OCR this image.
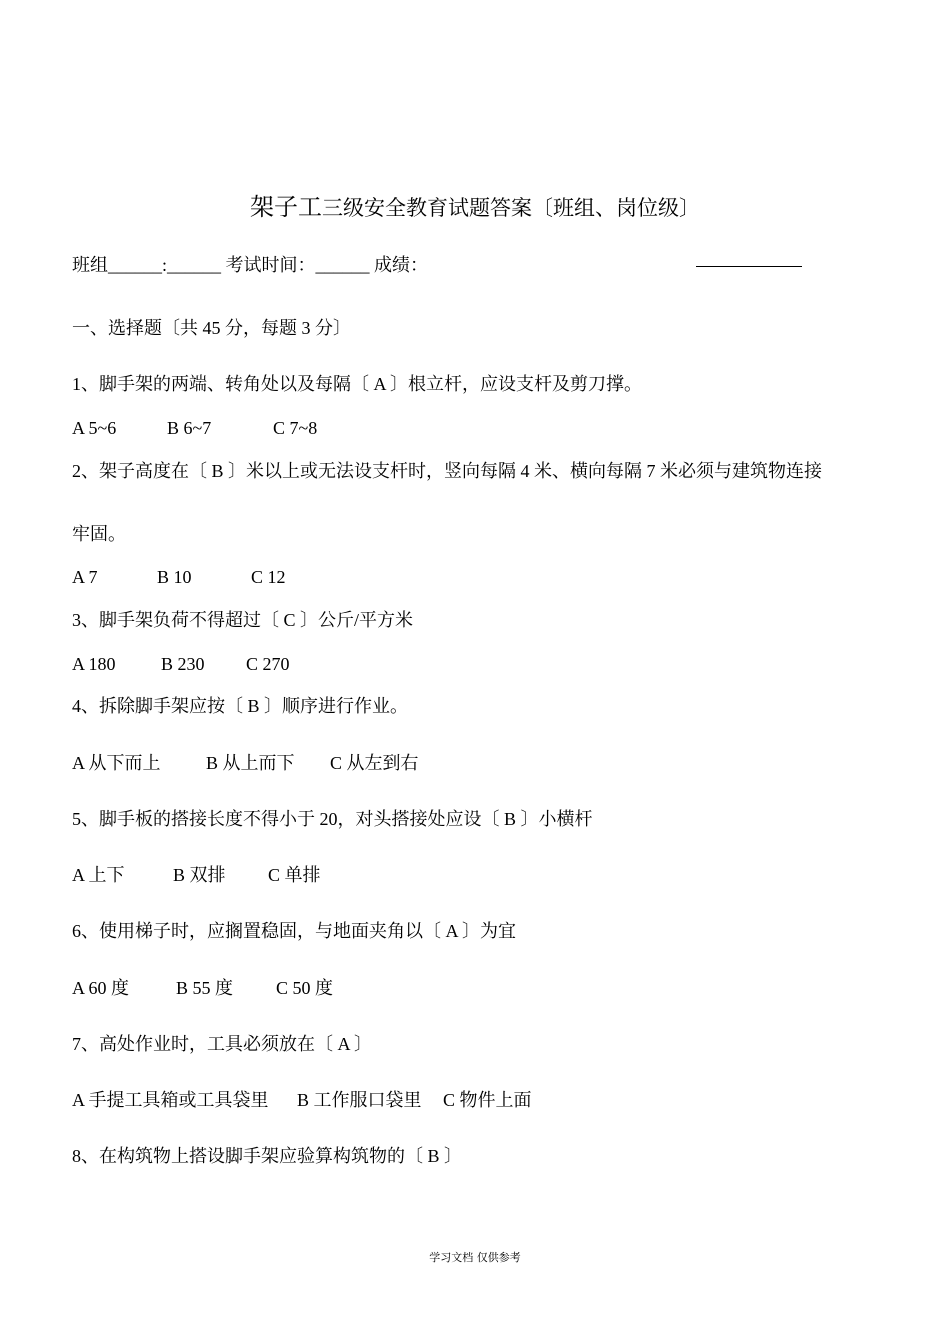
架子工三级安全教育试题答案〔班组、岗位级〕
班组______:______ 考试时间：______ 成绩：
一、选择题〔共 45 分，每题 3 分〕
1、脚手架的两端、转角处以及每隔〔 A 〕根立杆，应设支杆及剪刀撑。
A 5~6	B 6~7	C 7~8
2、架子高度在〔 B 〕米以上或无法设支杆时，竖向每隔 4 米、横向每隔 7 米必须与建筑物连接
牢固。
A 7	B 10	C 12
3、脚手架负荷不得超过〔 C 〕公斤/平方米
A 180	B 230 C 270
4、拆除脚手架应按〔 B 〕顺序进行作业。
A 从下而上	B 从上而下 C 从左到右
5、脚手板的搭接长度不得小于 20，对头搭接处应设〔 B 〕小横杆
A 上下	B 双排 C 单排
6、使用梯子时，应搁置稳固，与地面夹角以〔 A 〕为宜
A 60 度	B 55 度 C 50 度
7、高处作业时，工具必须放在〔 A 〕
A 手提工具箱或工具袋里 B 工作服口袋里 C 物件上面
8、在构筑物上搭设脚手架应验算构筑物的〔 B 〕
学习文档 仅供参考
